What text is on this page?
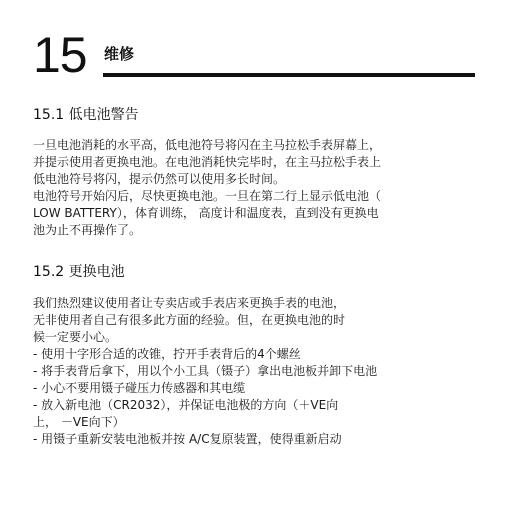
15 维修
15.1 低电池警告
一旦电池消耗的水平高，低电池符号将闪在主马拉松手表屏幕上，
并提示使用者更换电池。在电池消耗快完毕时，在主马拉松手表上
低电池符号将闪，提示仍然可以使用多长时间。
电池符号开始闪后，尽快更换电池。一旦在第二行上显示低电池（
LOW BATTERY），体育训练， 高度计和温度表，直到没有更换电
池为止不再操作了。
15.2 更换电池
我们热烈建议使用者让专卖店或手表店来更换手表的电池，
无非使用者自己有很多此方面的经验。但，在更换电池的时
候一定要小心。
- 使用十字形合适的改锥，拧开手表背后的4个螺丝
- 将手表背后拿下，用以个小工具（镊子）拿出电池板并卸下电池
- 小心不要用镊子碰压力传感器和其电缆
- 放入新电池（CR2032），并保证电池极的方向（＋VE向
上， －VE向下）
- 用镊子重新安装电池板并按 A/C复原装置，使得重新启动
